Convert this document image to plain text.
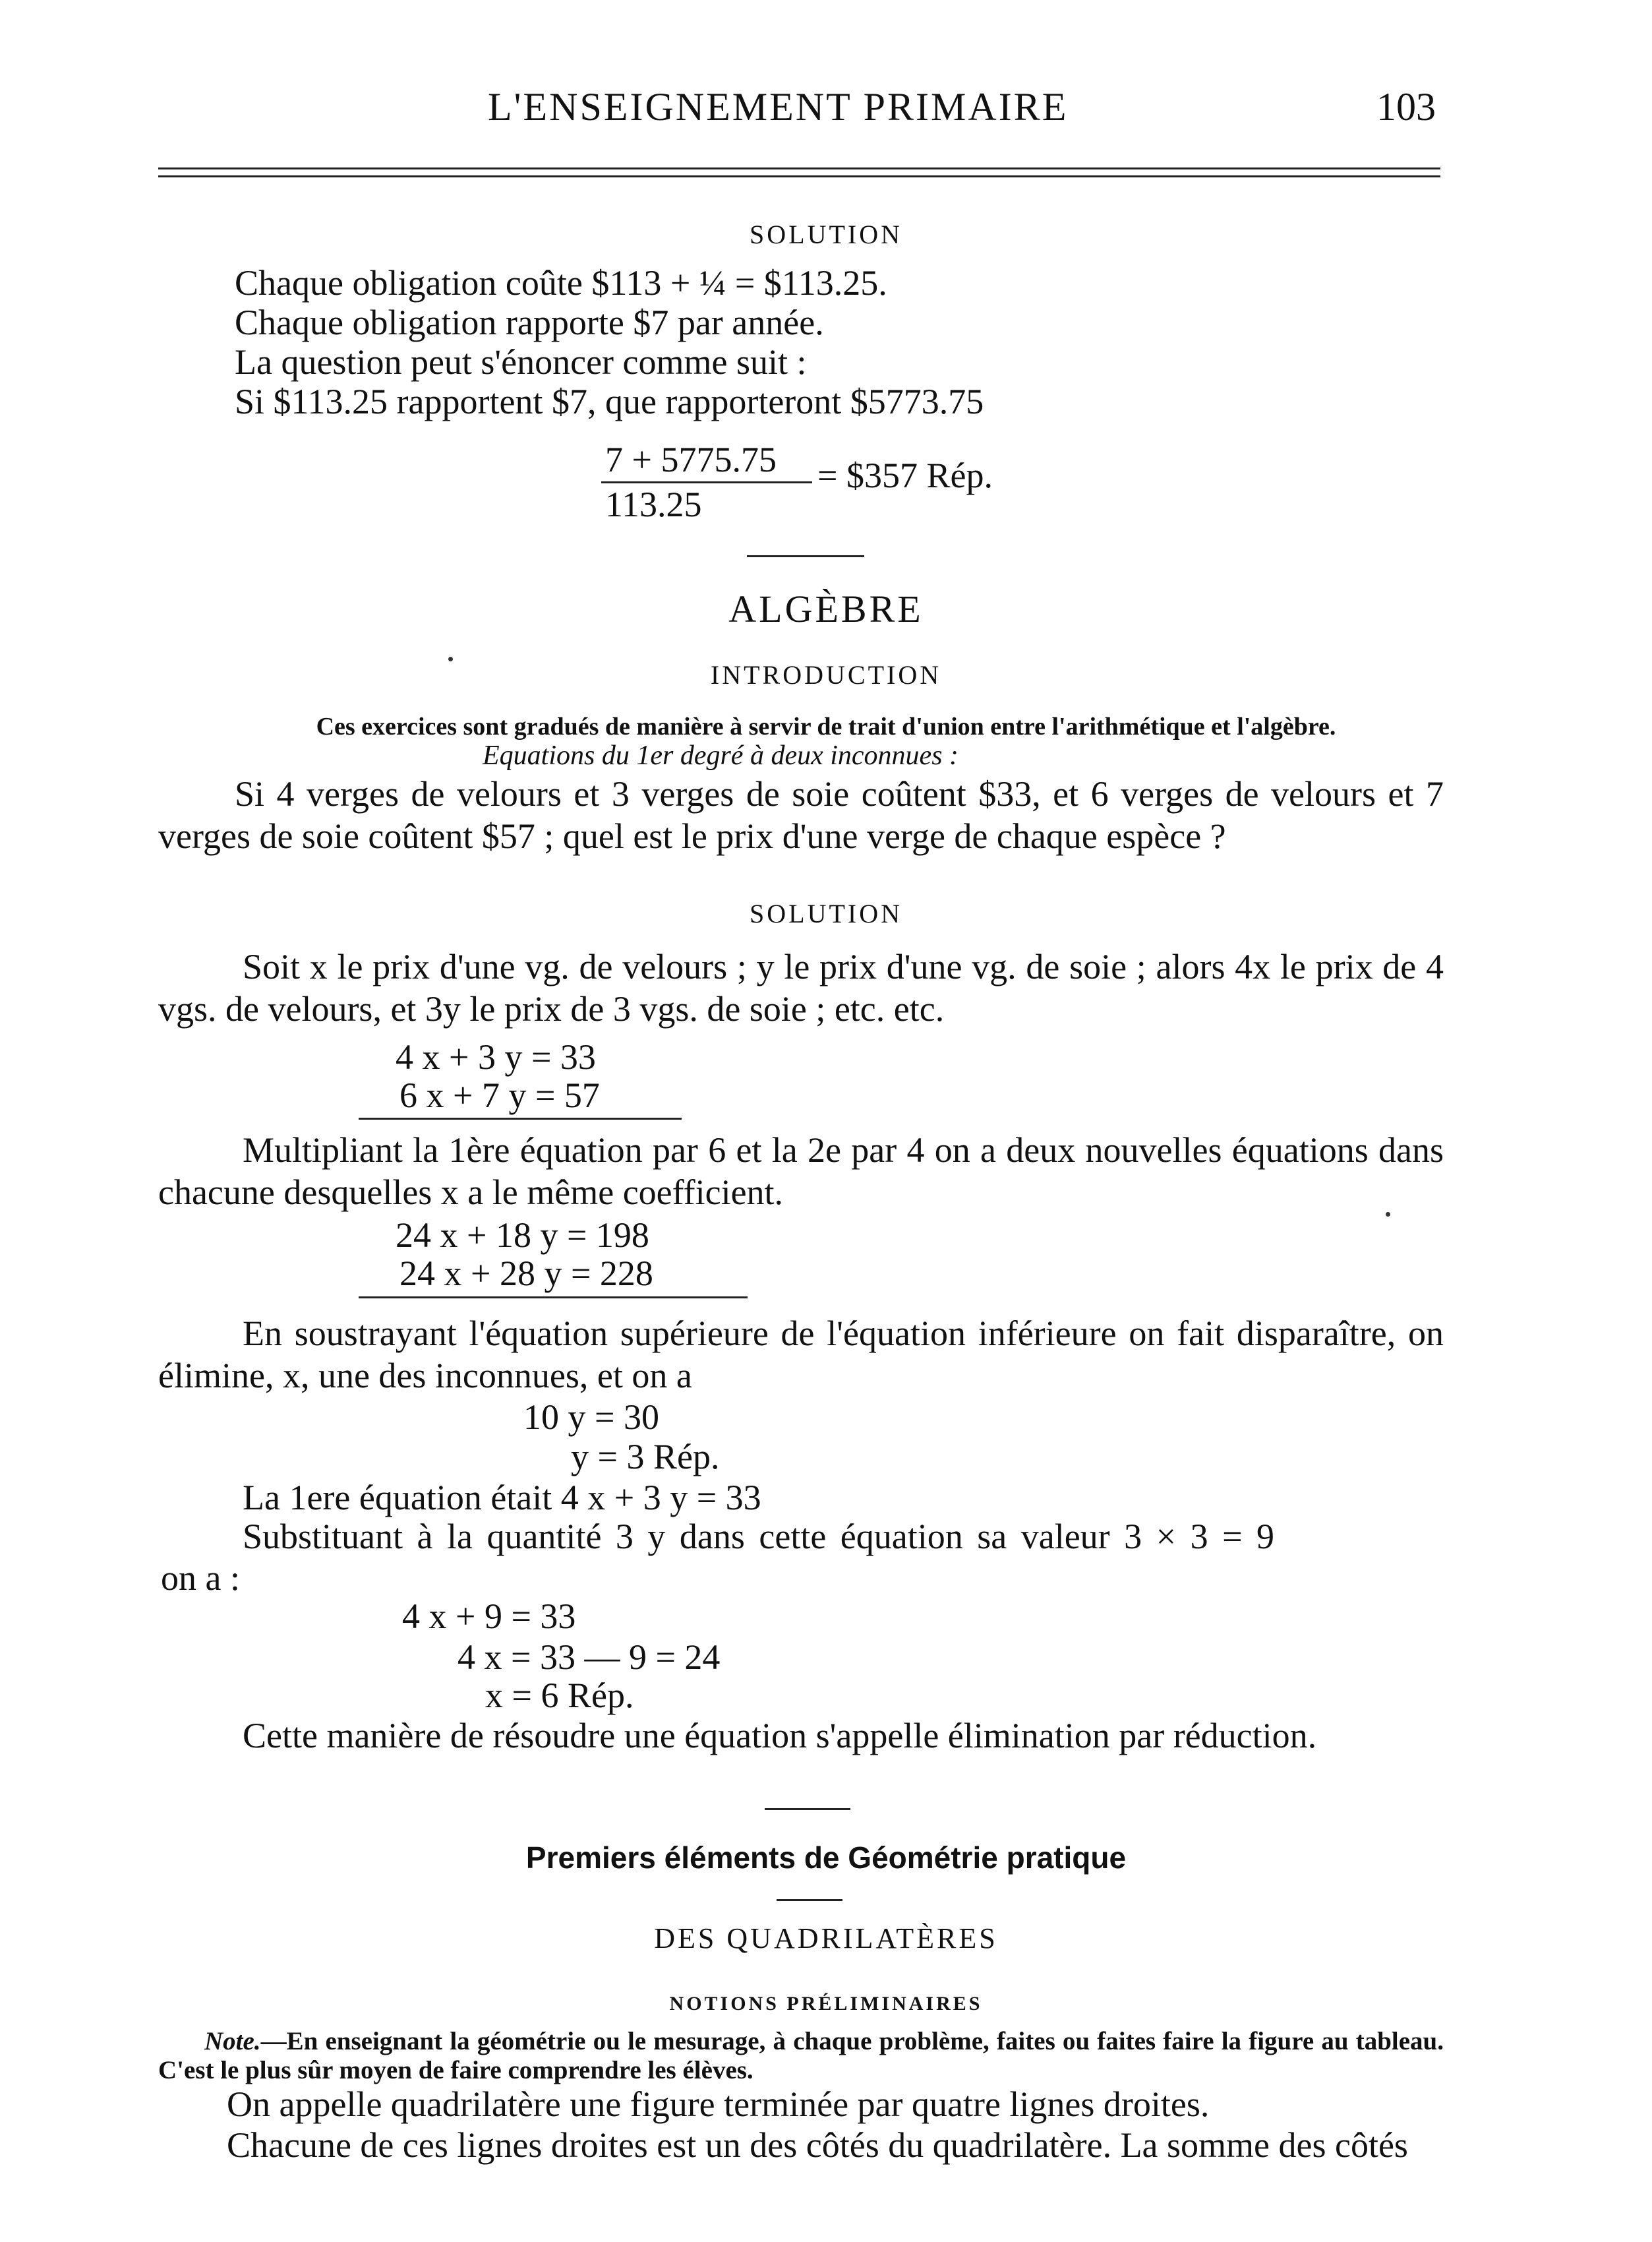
L'ENSEIGNEMENT PRIMAIRE	103
SOLUTION
Chaque obligation coûte $113 + ¼ = $113.25.
Chaque obligation rapporte $7 par année.
La question peut s'énoncer comme suit :
Si $113.25 rapportent $7, que rapporteront $5773.75
7 + 5775.75
113.25
= $357 Rép.
ALGÈBRE
INTRODUCTION
Ces exercices sont gradués de manière à servir de trait d'union entre l'arithmétique et l'algèbre.
Equations du 1er degré à deux inconnues :
Si 4 verges de velours et 3 verges de soie coûtent $33, et 6 verges de velours et 7 verges de soie coûtent $57 ; quel est le prix d'une verge de chaque espèce ?
SOLUTION
Soit x le prix d'une vg. de velours ; y le prix d'une vg. de soie ; alors 4x le prix de 4 vgs. de velours, et 3y le prix de 3 vgs. de soie ; etc. etc.
4 x + 3 y = 33
6 x + 7 y = 57
Multipliant la 1ère équation par 6 et la 2e par 4 on a deux nouvelles équations dans chacune desquelles x a le même coefficient.
24 x + 18 y = 198
24 x + 28 y = 228
En soustrayant l'équation supérieure de l'équation inférieure on fait disparaître, on élimine, x, une des inconnues, et on a
10 y = 30
y = 3 Rép.
La 1ere équation était 4 x + 3 y = 33
Substituant à la quantité 3 y dans cette équation sa valeur 3 × 3 = 9
on a :
4 x + 9 = 33
4 x = 33 — 9 = 24
x = 6 Rép.
Cette manière de résoudre une équation s'appelle élimination par réduction.
Premiers éléments de Géométrie pratique
DES QUADRILATÈRES
NOTIONS PRÉLIMINAIRES
Note.—En enseignant la géométrie ou le mesurage, à chaque problème, faites ou faites faire la figure au tableau. C'est le plus sûr moyen de faire comprendre les élèves.
On appelle quadrilatère une figure terminée par quatre lignes droites.
Chacune de ces lignes droites est un des côtés du quadrilatère. La somme des côtés
